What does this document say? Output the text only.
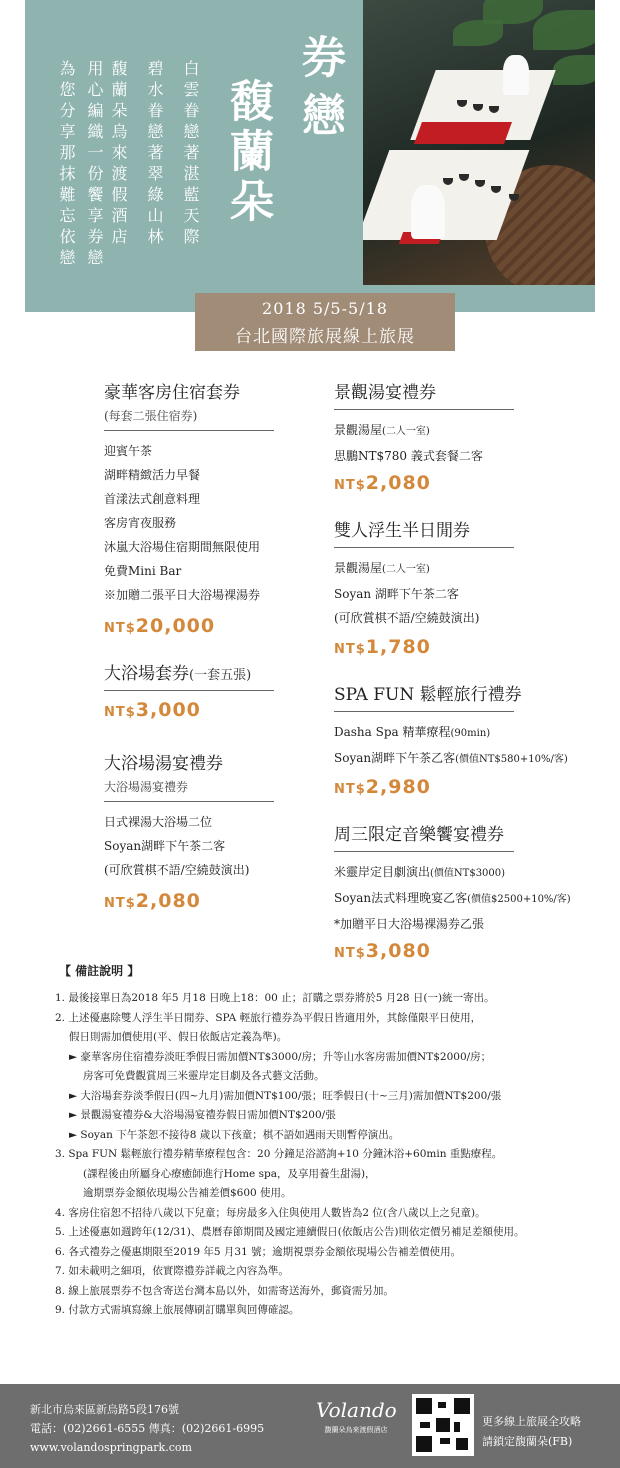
白雲眷戀著湛藍天際
碧水眷戀著翠綠山林
馥蘭朵烏來渡假酒店
用心編織一份饗享券戀
為您分享那抹難忘依戀
券
戀
馥蘭朵
2018 5/5-5/18
台北國際旅展線上旅展
豪華客房住宿套券
(每套二張住宿券)
迎賓午茶
湖畔精緻活力早餐
首漾法式創意料理
客房宵夜服務
沐嵐大浴場住宿期間無限使用
免費Mini Bar
※加贈二張平日大浴場裸湯券
NT$20,000
大浴場套券(一套五張)
NT$3,000
大浴場湯宴禮券
大浴場湯宴禮券
日式裸湯大浴場二位
Soyan湖畔下午茶二客
(可欣賞棋不語/空繞鼓演出)
NT$2,080
景觀湯宴禮券
景觀湯屋(二人一室)
思鵬NT$780 義式套餐二客
NT$2,080
雙人浮生半日閒券
景觀湯屋(二人一室)
Soyan 湖畔下午茶二客
(可欣賞棋不語/空繞鼓演出)
NT$1,780
SPA FUN 鬆輕旅行禮券
Dasha Spa 精華療程(90min)
Soyan湖畔下午茶乙客(價值NT$580+10%/客)
NT$2,980
周三限定音樂饗宴禮券
米靈岸定目劇演出(價值NT$3000)
Soyan法式料理晚宴乙客(價值$2500+10%/客)
*加贈平日大浴場裸湯券乙張
NT$3,080
【 備註說明 】
1. 最後接單日為2018 年5 月18 日晚上18：00 止；訂購之票券將於5 月28 日(一)統一寄出。
2. 上述優惠除雙人浮生半日閒券、SPA 輕旅行禮券為平假日皆適用外，其餘僅限平日使用，
假日則需加價使用(平、假日依飯店定義為準)。
► 豪華客房住宿禮券淡旺季假日需加價NT$3000/房；升等山水客房需加價NT$2000/房；
房客可免費觀賞周三米靈岸定目劇及各式藝文活動。
► 大浴場套券淡季假日(四~九月)需加價NT$100/張；旺季假日(十~三月)需加價NT$200/張
► 景觀湯宴禮券&大浴場湯宴禮券假日需加價NT$200/張
► Soyan 下午茶恕不接待8 歲以下孩童；棋不語如遇雨天則暫停演出。
3. Spa FUN 鬆輕旅行禮券精華療程包含：20 分鐘足浴諮詢+10 分鐘沐浴+60min 重點療程。
(課程後由所屬身心療癒師進行Home spa，及享用養生甜湯)，
逾期票券金額依現場公告補差價$600 使用。
4. 客房住宿恕不招待八歲以下兒童；每房最多入住與使用人數皆為2 位(含八歲以上之兒童)。
5. 上述優惠如週跨年(12/31)、農曆春節期間及國定連續假日(依飯店公告)則依定價另補足差額使用。
6. 各式禮券之優惠期限至2019 年5 月31 號；逾期視票券金額依現場公告補差價使用。
7. 如未載明之細項，依實際禮券詳載之內容為準。
8. 線上旅展票券不包含寄送台灣本島以外，如需寄送海外，郵資需另加。
9. 付款方式需填寫線上旅展傳刷訂購單與回傳確認。
新北市烏來區新烏路5段176號
電話：(02)2661-6555 傳真：(02)2661-6995
www.volandospringpark.com
Volando
馥蘭朵烏來渡假酒店
更多線上旅展全攻略
請鎖定馥蘭朵(FB)
